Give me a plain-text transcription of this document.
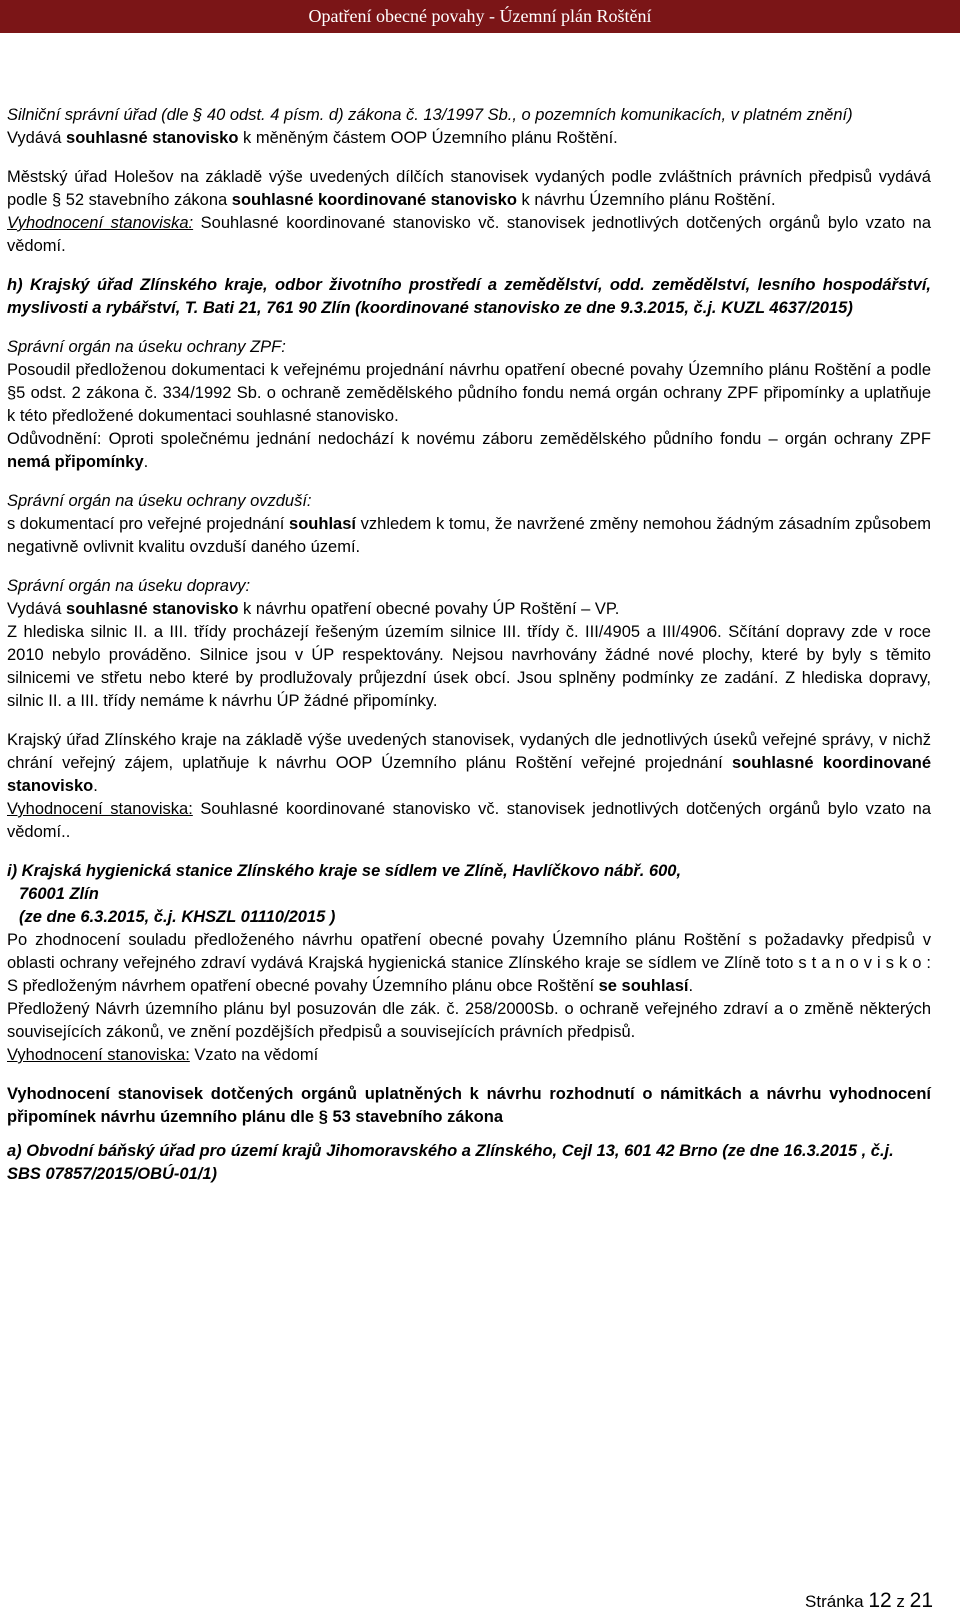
Opatření obecné povahy - Územní plán Roštění

Silniční správní úřad (dle § 40 odst. 4 písm. d) zákona č. 13/1997 Sb., o pozemních komunikacích, v platném znění)

Vydává souhlasné stanovisko k měněným částem OOP Územního plánu Roštění.

Městský úřad Holešov na základě výše uvedených dílčích stanovisek vydaných podle zvláštních právních předpisů vydává podle § 52 stavebního zákona souhlasné koordinované stanovisko k návrhu Územního plánu Roštění.

Vyhodnocení stanoviska: Souhlasné koordinované stanovisko vč. stanovisek jednotlivých dotčených orgánů bylo vzato na vědomí.

h) Krajský úřad Zlínského kraje, odbor životního prostředí a zemědělství, odd. zemědělství, lesního hospodářství, myslivosti a rybářství, T. Bati 21, 761 90 Zlín (koordinované stanovisko ze dne 9.3.2015, č.j. KUZL 4637/2015)

Správní orgán na úseku ochrany ZPF:

Posoudil předloženou dokumentaci k veřejnému projednání návrhu opatření obecné povahy Územního plánu Roštění a podle §5 odst. 2 zákona č. 334/1992 Sb. o ochraně zemědělského půdního fondu nemá orgán ochrany ZPF připomínky a uplatňuje k této předložené dokumentaci souhlasné stanovisko.

Odůvodnění: Oproti společnému jednání nedochází k novému záboru zemědělského půdního fondu – orgán ochrany ZPF nemá připomínky.

Správní orgán na úseku ochrany ovzduší:

s dokumentací pro veřejné projednání souhlasí vzhledem k tomu, že navržené změny nemohou žádným zásadním způsobem negativně ovlivnit kvalitu ovzduší daného území.

Správní orgán na úseku dopravy:

Vydává souhlasné stanovisko k návrhu opatření obecné povahy ÚP Roštění – VP.

Z hlediska silnic II. a III. třídy procházejí řešeným územím silnice III. třídy č. III/4905 a III/4906. Sčítání dopravy zde v roce 2010 nebylo prováděno. Silnice jsou v ÚP respektovány. Nejsou navrhovány žádné nové plochy, které by byly s těmito silnicemi ve střetu nebo které by prodlužovaly průjezdní úsek obcí. Jsou splněny podmínky ze zadání. Z hlediska dopravy, silnic II. a III. třídy nemáme k návrhu ÚP žádné připomínky.

Krajský úřad Zlínského kraje na základě výše uvedených stanovisek, vydaných dle jednotlivých úseků veřejné správy, v nichž chrání veřejný zájem, uplatňuje k návrhu OOP Územního plánu Roštění veřejné projednání souhlasné koordinované stanovisko.

Vyhodnocení stanoviska: Souhlasné koordinované stanovisko vč. stanovisek jednotlivých dotčených orgánů bylo vzato na vědomí..

i) Krajská hygienická stanice Zlínského kraje se sídlem ve Zlíně, Havlíčkovo nábř. 600,

76001 Zlín

(ze dne 6.3.2015, č.j. KHSZL 01110/2015 )

Po zhodnocení souladu předloženého návrhu opatření obecné povahy Územního plánu Roštění s požadavky předpisů v oblasti ochrany veřejného zdraví vydává Krajská hygienická stanice Zlínského kraje se sídlem ve Zlíně toto s t a n o v i s k o : S předloženým návrhem opatření obecné povahy Územního plánu obce Roštění se souhlasí.

Předložený Návrh územního plánu byl posuzován dle zák. č. 258/2000Sb. o ochraně veřejného zdraví a o změně některých souvisejících zákonů, ve znění pozdějších předpisů a souvisejících právních předpisů.

Vyhodnocení stanoviska: Vzato na vědomí

Vyhodnocení stanovisek dotčených orgánů uplatněných k návrhu rozhodnutí o námitkách a návrhu vyhodnocení připomínek návrhu územního plánu dle § 53 stavebního zákona

a) Obvodní báňský úřad pro území krajů Jihomoravského a Zlínského, Cejl 13, 601 42 Brno (ze dne 16.3.2015 , č.j. SBS 07857/2015/OBÚ-01/1)

Stránka 12 z 21
